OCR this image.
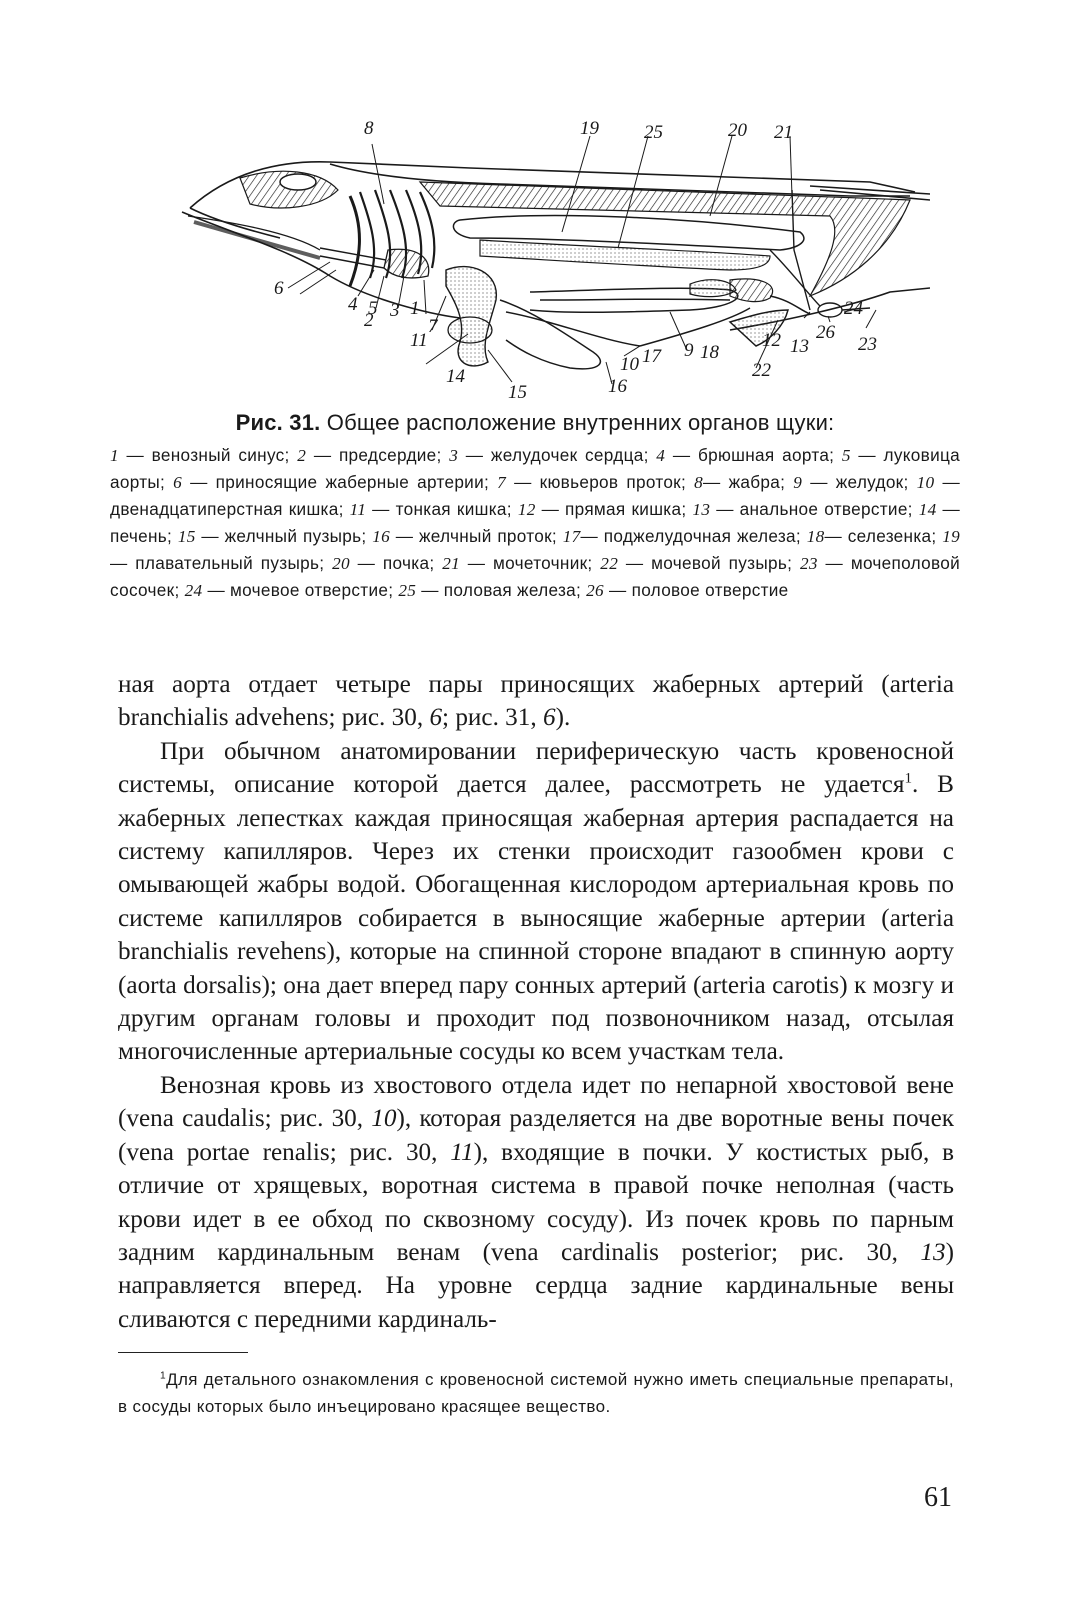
8	19 25	20 21
6
4 5
2 3 1
7
11
14
15
10 17 9 18
16
22
12 13
26
24
23

Рис. 31. Общее расположение внутренних органов щуки:

1 — венозный синус; 2 — предсердие; 3 — желудочек сердца; 4 — брюшная аорта; 5 — луковица аорты; 6 — приносящие жаберные артерии; 7 — кювьеров проток; 8— жабра; 9 — желудок; 10 — двенадцатиперстная кишка; 11 — тонкая кишка; 12 — прямая кишка; 13 — анальное отверстие; 14 — печень; 15 — желчный пузырь; 16 — желчный проток; 17— поджелудочная железа; 18— селезенка; 19 — плавательный пузырь; 20 — почка; 21 — мочеточник; 22 — мочевой пузырь; 23 — мочеполовой сосочек; 24 — мочевое отверстие; 25 — половая железа; 26 — половое отверстие

ная аорта отдает четыре пары приносящих жаберных артерий (arteria branchialis advehens; рис. 30, 6; рис. 31, 6).

При обычном анатомировании периферическую часть кровеносной системы, описание которой дается далее, рассмотреть не удается$^1$. В жаберных лепестках каждая приносящая жаберная артерия распадается на систему капилляров. Через их стенки происходит газообмен крови с омывающей жабры водой. Обогащенная кислородом артериальная кровь по системе капилляров собирается в выносящие жаберные артерии (arteria branchialis revehens), которые на спинной стороне впадают в спинную аорту (aorta dorsalis); она дает вперед пару сонных артерий (arteria carotis) к мозгу и другим органам головы и проходит под позвоночником назад, отсылая многочисленные артериальные сосуды ко всем участкам тела.

Венозная кровь из хвостового отдела идет по непарной хвостовой вене (vena caudalis; рис. 30, 10), которая разделяется на две воротные вены почек (vena portae renalis; рис. 30, 11), входящие в почки. У костистых рыб, в отличие от хрящевых, воротная система в правой почке неполная (часть крови идет в ее обход по сквозному сосуду). Из почек кровь по парным задним кардинальным венам (vena cardinalis posterior; рис. 30, 13) направляется вперед. На уровне сердца задние кардинальные вены сливаются с передними кардиналь-

$^1$Для детального ознакомления с кровеносной системой нужно иметь специальные препараты, в сосуды которых было инъецировано красящее вещество.

61
